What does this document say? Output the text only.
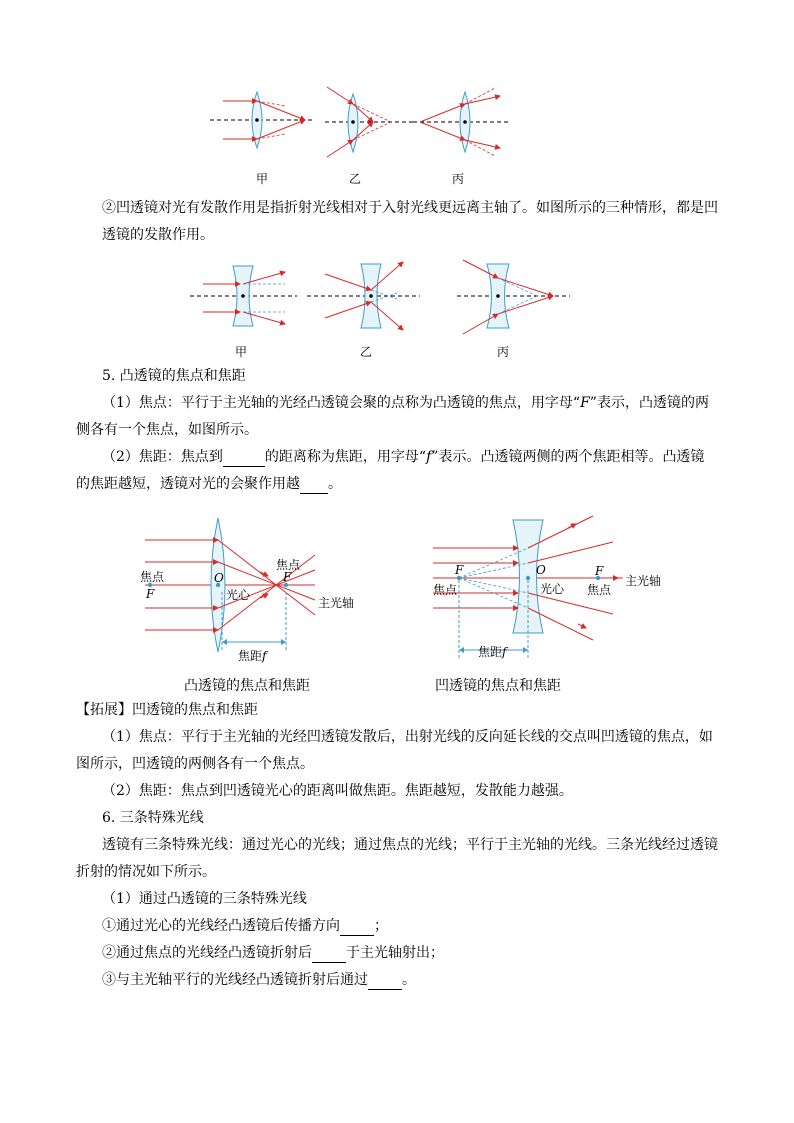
甲	乙	丙
②凹透镜对光有发散作用是指折射光线相对于入射光线更远离主轴了。如图所示的三种情形，都是凹
透镜的发散作用。
甲	乙	丙
5. 凸透镜的焦点和焦距
（1）焦点：平行于主光轴的光经凸透镜会聚的点称为凸透镜的焦点，用字母“F”表示，凸透镜的两
侧各有一个焦点，如图所示。
（2）焦距：焦点到	的距离称为焦距，用字母“f”表示。凸透镜两侧的两个焦距相等。凸透镜
的焦距越短，透镜对光的会聚作用越 。
焦点
F
O
光心
焦点
F
主光轴
焦距f
凸透镜的焦点和焦距
F
焦点
O
光心
F
焦点
主光轴
焦距f
凹透镜的焦点和焦距
【拓展】凹透镜的焦点和焦距
（1）焦点：平行于主光轴的光经凹透镜发散后，出射光线的反向延长线的交点叫凹透镜的焦点，如
图所示，凹透镜的两侧各有一个焦点。
（2）焦距：焦点到凹透镜光心的距离叫做焦距。焦距越短，发散能力越强。
6. 三条特殊光线
透镜有三条特殊光线：通过光心的光线；通过焦点的光线；平行于主光轴的光线。三条光线经过透镜
折射的情况如下所示。
（1）通过凸透镜的三条特殊光线
①通过光心的光线经凸透镜后传播方向 ；
②通过焦点的光线经凸透镜折射后 于主光轴射出；
③与主光轴平行的光线经凸透镜折射后通过 。
